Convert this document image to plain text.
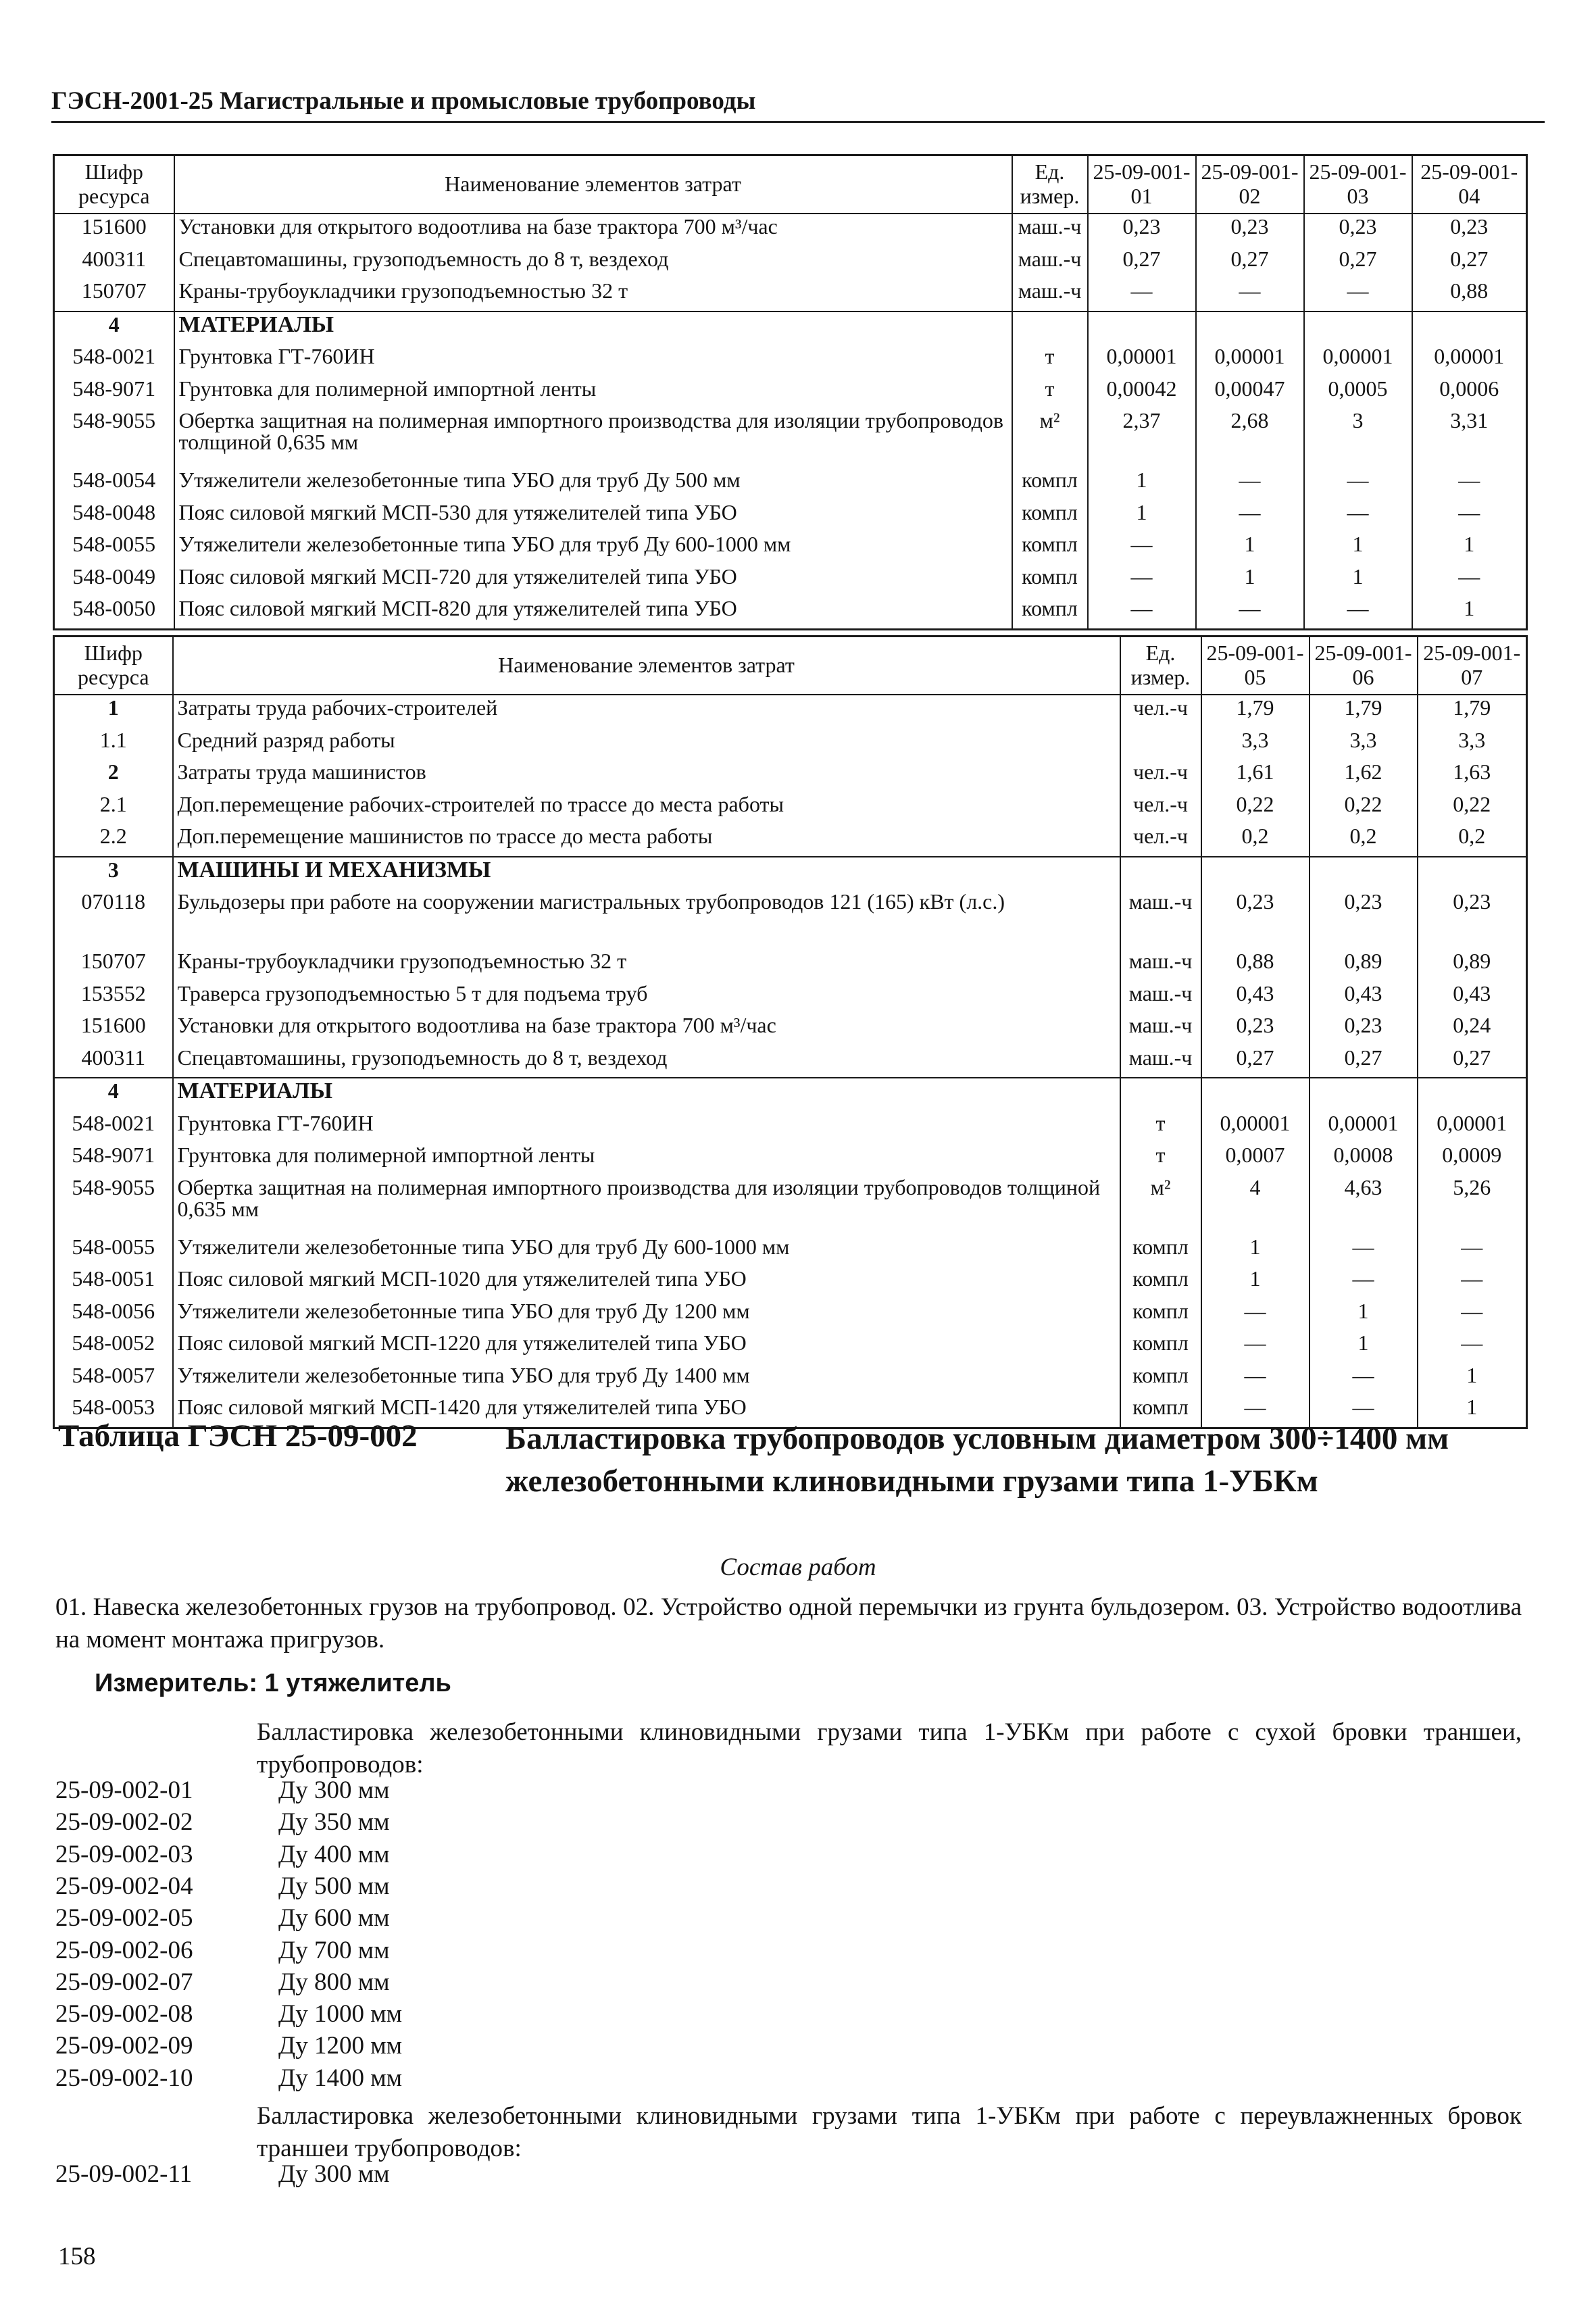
ГЭСН-2001-25 Магистральные и промысловые трубопроводы
Шифр ресурса	Наименование элементов затрат	Ед. измер.	25-09-001-01	25-09-001-02	25-09-001-03	25-09-001-04
151600	Установки для открытого водоотлива на базе трактора 700 м³/час	маш.-ч	0,23	0,23	0,23	0,23
400311	Спецавтомашины, грузоподъемность до 8 т, вездеход	маш.-ч	0,27	0,27	0,27	0,27
150707	Краны-трубоукладчики грузоподъемностью 32 т	маш.-ч	—	—	—	0,88
4	МАТЕРИАЛЫ					
548-0021	Грунтовка ГТ-760ИН	т	0,00001	0,00001	0,00001	0,00001
548-9071	Грунтовка для полимерной импортной ленты	т	0,00042	0,00047	0,0005	0,0006
548-9055	Обертка защитная на полимерная импортного производства для изоляции трубопроводов толщиной 0,635 мм	м²	2,37	2,68	3	3,31
548-0054	Утяжелители железобетонные типа УБО для труб Ду 500 мм	компл	1	—	—	—
548-0048	Пояс силовой мягкий МСП-530 для утяжелителей типа УБО	компл	1	—	—	—
548-0055	Утяжелители железобетонные типа УБО для труб Ду 600-1000 мм	компл	—	1	1	1
548-0049	Пояс силовой мягкий МСП-720 для утяжелителей типа УБО	компл	—	1	1	—
548-0050	Пояс силовой мягкий МСП-820 для утяжелителей типа УБО	компл	—	—	—	1
Шифр ресурса	Наименование элементов затрат	Ед. измер.	25-09-001-05	25-09-001-06	25-09-001-07
1	Затраты труда рабочих-строителей	чел.-ч	1,79	1,79	1,79
1.1	Средний разряд работы		3,3	3,3	3,3
2	Затраты труда машинистов	чел.-ч	1,61	1,62	1,63
2.1	Доп.перемещение рабочих-строителей по трассе до места работы	чел.-ч	0,22	0,22	0,22
2.2	Доп.перемещение машинистов по трассе до места работы	чел.-ч	0,2	0,2	0,2
3	МАШИНЫ И МЕХАНИЗМЫ				
070118	Бульдозеры при работе на сооружении магистральных трубопроводов 121 (165) кВт (л.с.)	маш.-ч	0,23	0,23	0,23
150707	Краны-трубоукладчики грузоподъемностью 32 т	маш.-ч	0,88	0,89	0,89
153552	Траверса грузоподъемностью 5 т для подъема труб	маш.-ч	0,43	0,43	0,43
151600	Установки для открытого водоотлива на базе трактора 700 м³/час	маш.-ч	0,23	0,23	0,24
400311	Спецавтомашины, грузоподъемность до 8 т, вездеход	маш.-ч	0,27	0,27	0,27
4	МАТЕРИАЛЫ				
548-0021	Грунтовка ГТ-760ИН	т	0,00001	0,00001	0,00001
548-9071	Грунтовка для полимерной импортной ленты	т	0,0007	0,0008	0,0009
548-9055	Обертка защитная на полимерная импортного производства для изоляции трубопроводов толщиной 0,635 мм	м²	4	4,63	5,26
548-0055	Утяжелители железобетонные типа УБО для труб Ду 600-1000 мм	компл	1	—	—
548-0051	Пояс силовой мягкий МСП-1020 для утяжелителей типа УБО	компл	1	—	—
548-0056	Утяжелители железобетонные типа УБО для труб Ду 1200 мм	компл	—	1	—
548-0052	Пояс силовой мягкий МСП-1220 для утяжелителей типа УБО	компл	—	1	—
548-0057	Утяжелители железобетонные типа УБО для труб Ду 1400 мм	компл	—	—	1
548-0053	Пояс силовой мягкий МСП-1420 для утяжелителей типа УБО	компл	—	—	1
Таблица ГЭСН 25-09-002	Балластировка трубопроводов условным диаметром 300÷1400 мм железобетонными клиновидными грузами типа 1-УБКм
Состав работ
01. Навеска железобетонных грузов на трубопровод. 02. Устройство одной перемычки из грунта бульдозером. 03. Устройство водоотлива на момент монтажа пригрузов.
Измеритель: 1 утяжелитель
Балластировка железобетонными клиновидными грузами типа 1-УБКм при работе с сухой бровки траншеи, трубопроводов:
25-09-002-01	Ду 300 мм
25-09-002-02	Ду 350 мм
25-09-002-03	Ду 400 мм
25-09-002-04	Ду 500 мм
25-09-002-05	Ду 600 мм
25-09-002-06	Ду 700 мм
25-09-002-07	Ду 800 мм
25-09-002-08	Ду 1000 мм
25-09-002-09	Ду 1200 мм
25-09-002-10	Ду 1400 мм
Балластировка железобетонными клиновидными грузами типа 1-УБКм при работе с переувлажненных бровок траншеи трубопроводов:
25-09-002-11	Ду 300 мм
158
